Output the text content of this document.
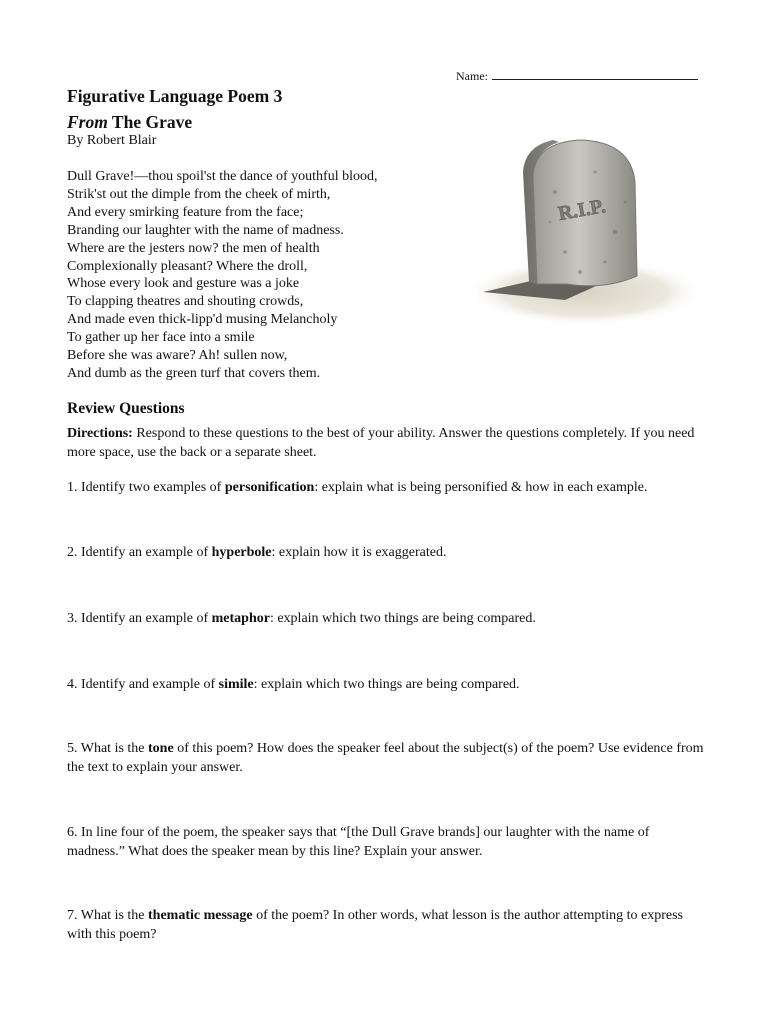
Name:
Figurative Language Poem 3
From The Grave
By Robert Blair
Dull Grave!—thou spoil'st the dance of youthful blood,
Strik'st out the dimple from the cheek of mirth,
And every smirking feature from the face;
Branding our laughter with the name of madness.
Where are the jesters now? the men of health
Complexionally pleasant? Where the droll,
Whose every look and gesture was a joke
To clapping theatres and shouting crowds,
And made even thick-lipp'd musing Melancholy
To gather up her face into a smile
Before she was aware? Ah! sullen now,
And dumb as the green turf that covers them.
R.I.P.
Review Questions
Directions: Respond to these questions to the best of your ability. Answer the questions completely. If you need more space, use the back or a separate sheet.
1. Identify two examples of personification: explain what is being personified & how in each example.
2. Identify an example of hyperbole: explain how it is exaggerated.
3. Identify an example of metaphor: explain which two things are being compared.
4. Identify and example of simile: explain which two things are being compared.
5. What is the tone of this poem? How does the speaker feel about the subject(s) of the poem? Use evidence from the text to explain your answer.
6. In line four of the poem, the speaker says that “[the Dull Grave brands] our laughter with the name of madness.” What does the speaker mean by this line? Explain your answer.
7. What is the thematic message of the poem? In other words, what lesson is the author attempting to express with this poem?
